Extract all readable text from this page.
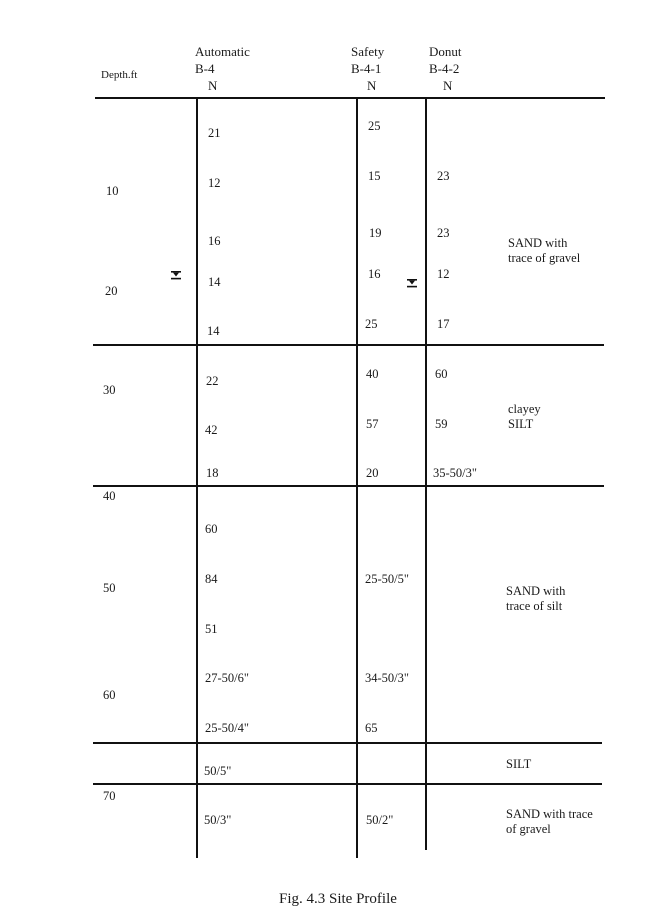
Depth.ft
Automatic
B-4
N
Safety
B-4-1
N
Donut
B-4-2
N
10
20
30
40
50
60
70
21
12
16
14
14
22
42
18
60
84
51
27-50/6"
25-50/4"
50/5"
50/3"
25
15
19
16
25
40
57
20
25-50/5"
34-50/3"
65
50/2"
23
23
12
17
60
59
35-50/3"
SAND with
trace of gravel
clayey
SILT
SAND with
trace of silt
SILT
SAND with trace
of gravel
Fig. 4.3 Site Profile
